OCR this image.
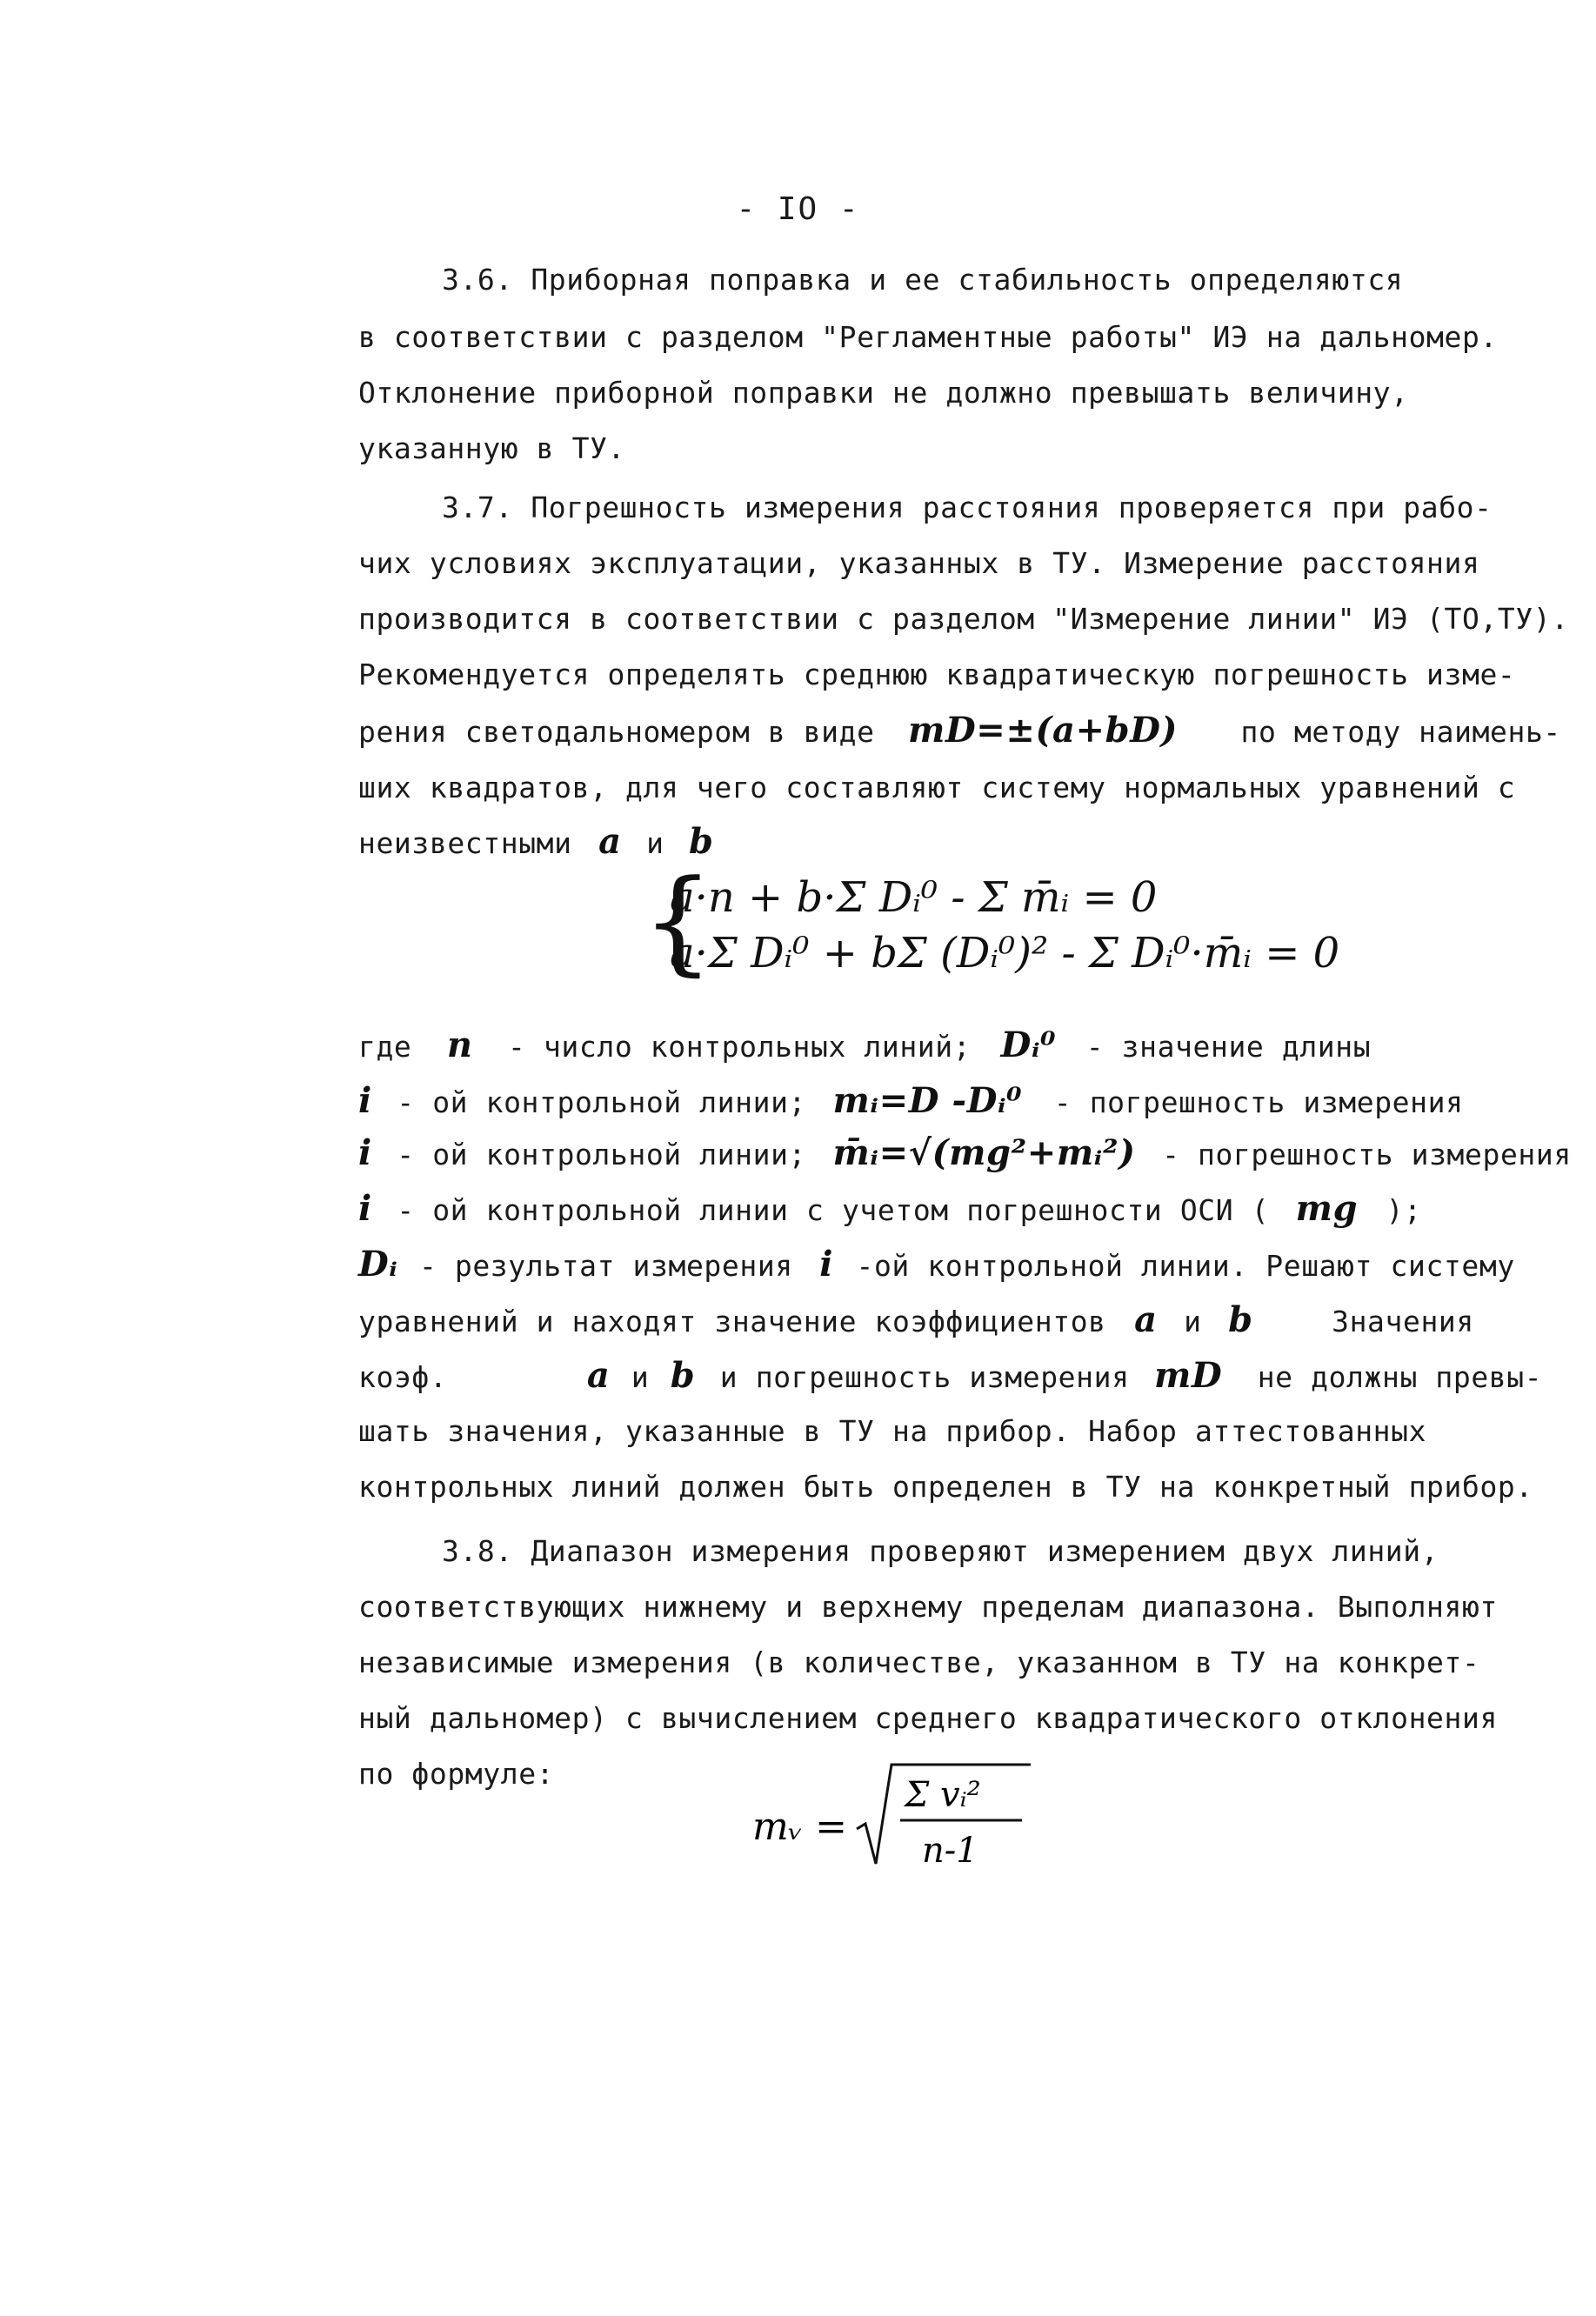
- IO -
3.6. Приборная поправка и ее стабильность определяются
в соответствии с разделом "Регламентные работы" ИЭ на дальномер.
Отклонение приборной поправки не должно превышать величину,
указанную в ТУ.
3.7. Погрешность измерения расстояния проверяется при рабо-
чих условиях эксплуатации, указанных в ТУ. Измерение расстояния
производится в соответствии с разделом "Измерение линии" ИЭ (ТО,ТУ).
Рекомендуется определять среднюю квадратическую погрешность изме-
рения светодальномером в виде mD=±(a+bD) по методу наимень-
ших квадратов, для чего составляют систему нормальных уравнений с
неизвестными a и b
{
a·n + b·Σ Dᵢ⁰ - Σ m̄ᵢ = 0
a·Σ Dᵢ⁰ + bΣ (Dᵢ⁰)² - Σ Dᵢ⁰·m̄ᵢ = 0
где n - число контрольных линий; Dᵢ⁰ - значение длины
i - ой контрольной линии; mᵢ=D -Dᵢ⁰ - погрешность измерения
i - ой контрольной линии; m̄ᵢ=√(mg²+mᵢ²) - погрешность измерения
i - ой контрольной линии с учетом погрешности ОСИ ( mg );
Dᵢ - результат измерения i -ой контрольной линии. Решают систему
уравнений и находят значение коэффициентов a и b	Значения
коэф.	a и b и погрешность измерения mD не должны превы-
шать значения, указанные в ТУ на прибор. Набор аттестованных
контрольных линий должен быть определен в ТУ на конкретный прибор.
3.8. Диапазон измерения проверяют измерением двух линий,
соответствующих нижнему и верхнему пределам диапазона. Выполняют
независимые измерения (в количестве, указанном в ТУ на конкрет-
ный дальномер) с вычислением среднего квадратического отклонения
по формуле:
mᵥ =
Σ vᵢ²
n-1
